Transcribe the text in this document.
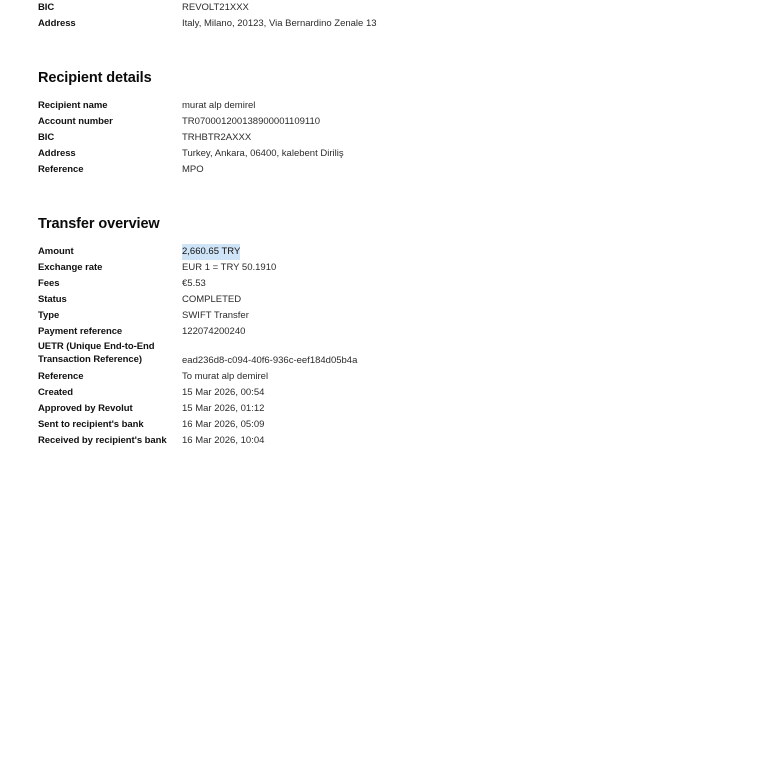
BIC	REVOLT21XXX
Address	Italy, Milano, 20123, Via Bernardino Zenale 13
Recipient details
Recipient name	murat alp demirel
Account number	TR070001200138900001109110
BIC	TRHBTR2AXXX
Address	Turkey, Ankara, 06400, kalebent Diriliş
Reference	MPO
Transfer overview
Amount	2,660.65 TRY
Exchange rate	EUR 1 = TRY 50.1910
Fees	€5.53
Status	COMPLETED
Type	SWIFT Transfer
Payment reference	122074200240
UETR (Unique End-to-End Transaction Reference)	ead236d8-c094-40f6-936c-eef184d05b4a
Reference	To murat alp demirel
Created	15 Mar 2026, 00:54
Approved by Revolut	15 Mar 2026, 01:12
Sent to recipient's bank	16 Mar 2026, 05:09
Received by recipient's bank	16 Mar 2026, 10:04
